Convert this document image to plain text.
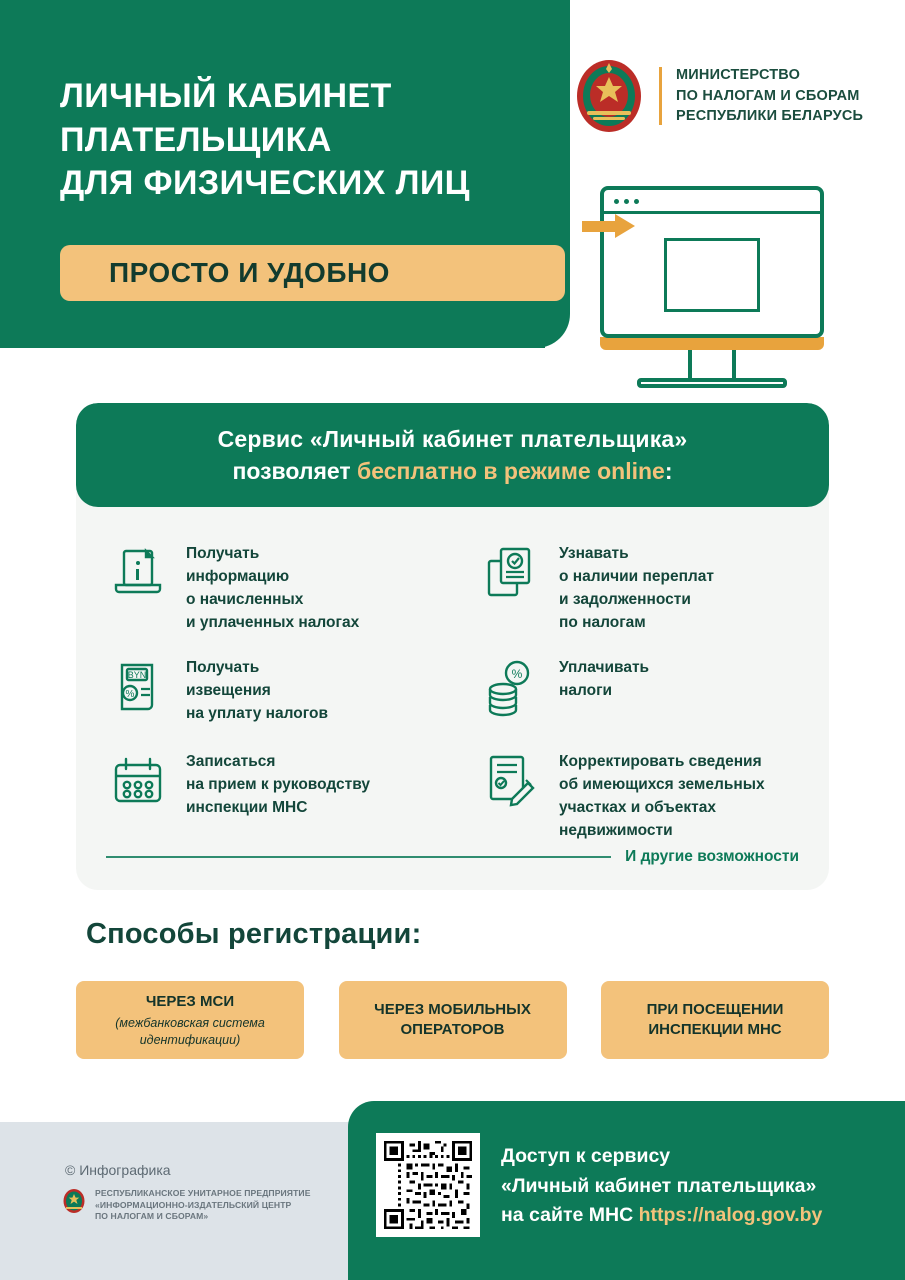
ЛИЧНЫЙ КАБИНЕТ
ПЛАТЕЛЬЩИКА
ДЛЯ ФИЗИЧЕСКИХ ЛИЦ
ПРОСТО И УДОБНО
МИНИСТЕРСТВО
ПО НАЛОГАМ И СБОРАМ
РЕСПУБЛИКИ БЕЛАРУСЬ
Сервис «Личный кабинет плательщика»
позволяет бесплатно в режиме online:
Получать
информацию
о начисленных
и уплаченных налогах
Узнавать
о наличии переплат
и задолженности
по налогам
BYN
%
Получать
извещения
на уплату налогов
% Уплачивать
налоги
Записаться
на прием к руководству
инспекции МНС
Корректировать сведения
об имеющихся земельных
участках и объектах
недвижимости
И другие возможности
Способы регистрации:
ЧЕРЕЗ МСИ
(межбанковская система
идентификации)
ЧЕРЕЗ МОБИЛЬНЫХ
ОПЕРАТОРОВ
ПРИ ПОСЕЩЕНИИ
ИНСПЕКЦИИ МНС
© Инфографика
РЕСПУБЛИКАНСКОЕ УНИТАРНОЕ ПРЕДПРИЯТИЕ
«ИНФОРМАЦИОННО-ИЗДАТЕЛЬСКИЙ ЦЕНТР
ПО НАЛОГАМ И СБОРАМ»
Доступ к сервису
«Личный кабинет плательщика»
на сайте МНС https://nalog.gov.by
